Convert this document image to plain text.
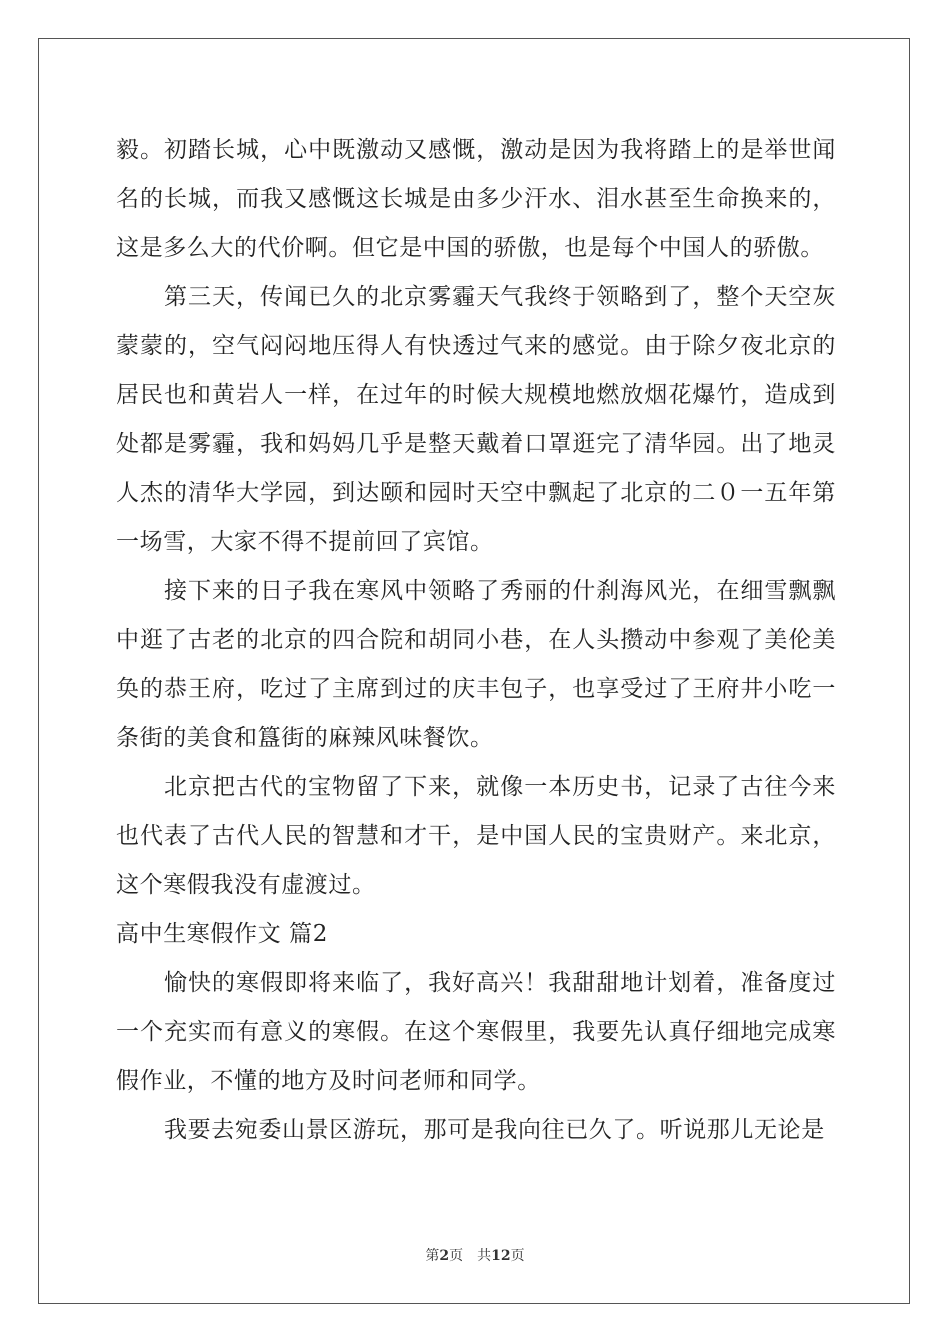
毅。初踏长城，心中既激动又感慨，激动是因为我将踏上的是举世闻名的长城，而我又感慨这长城是由多少汗水、泪水甚至生命换来的，这是多么大的代价啊。但它是中国的骄傲，也是每个中国人的骄傲。

第三天，传闻已久的北京雾霾天气我终于领略到了，整个天空灰蒙蒙的，空气闷闷地压得人有快透过气来的感觉。由于除夕夜北京的居民也和黄岩人一样，在过年的时候大规模地燃放烟花爆竹，造成到处都是雾霾，我和妈妈几乎是整天戴着口罩逛完了清华园。出了地灵人杰的清华大学园，到达颐和园时天空中飘起了北京的二０一五年第一场雪，大家不得不提前回了宾馆。

接下来的日子我在寒风中领略了秀丽的什刹海风光，在细雪飘飘中逛了古老的北京的四合院和胡同小巷，在人头攒动中参观了美伦美奂的恭王府，吃过了主席到过的庆丰包子，也享受过了王府井小吃一条街的美食和簋街的麻辣风味餐饮。

北京把古代的宝物留了下来，就像一本历史书，记录了古往今来也代表了古代人民的智慧和才干，是中国人民的宝贵财产。来北京，这个寒假我没有虚渡过。

高中生寒假作文 篇2

愉快的寒假即将来临了，我好高兴！我甜甜地计划着，准备度过一个充实而有意义的寒假。在这个寒假里，我要先认真仔细地完成寒假作业，不懂的地方及时问老师和同学。

我要去宛委山景区游玩，那可是我向往已久了。听说那儿无论是

第2页 共12页
